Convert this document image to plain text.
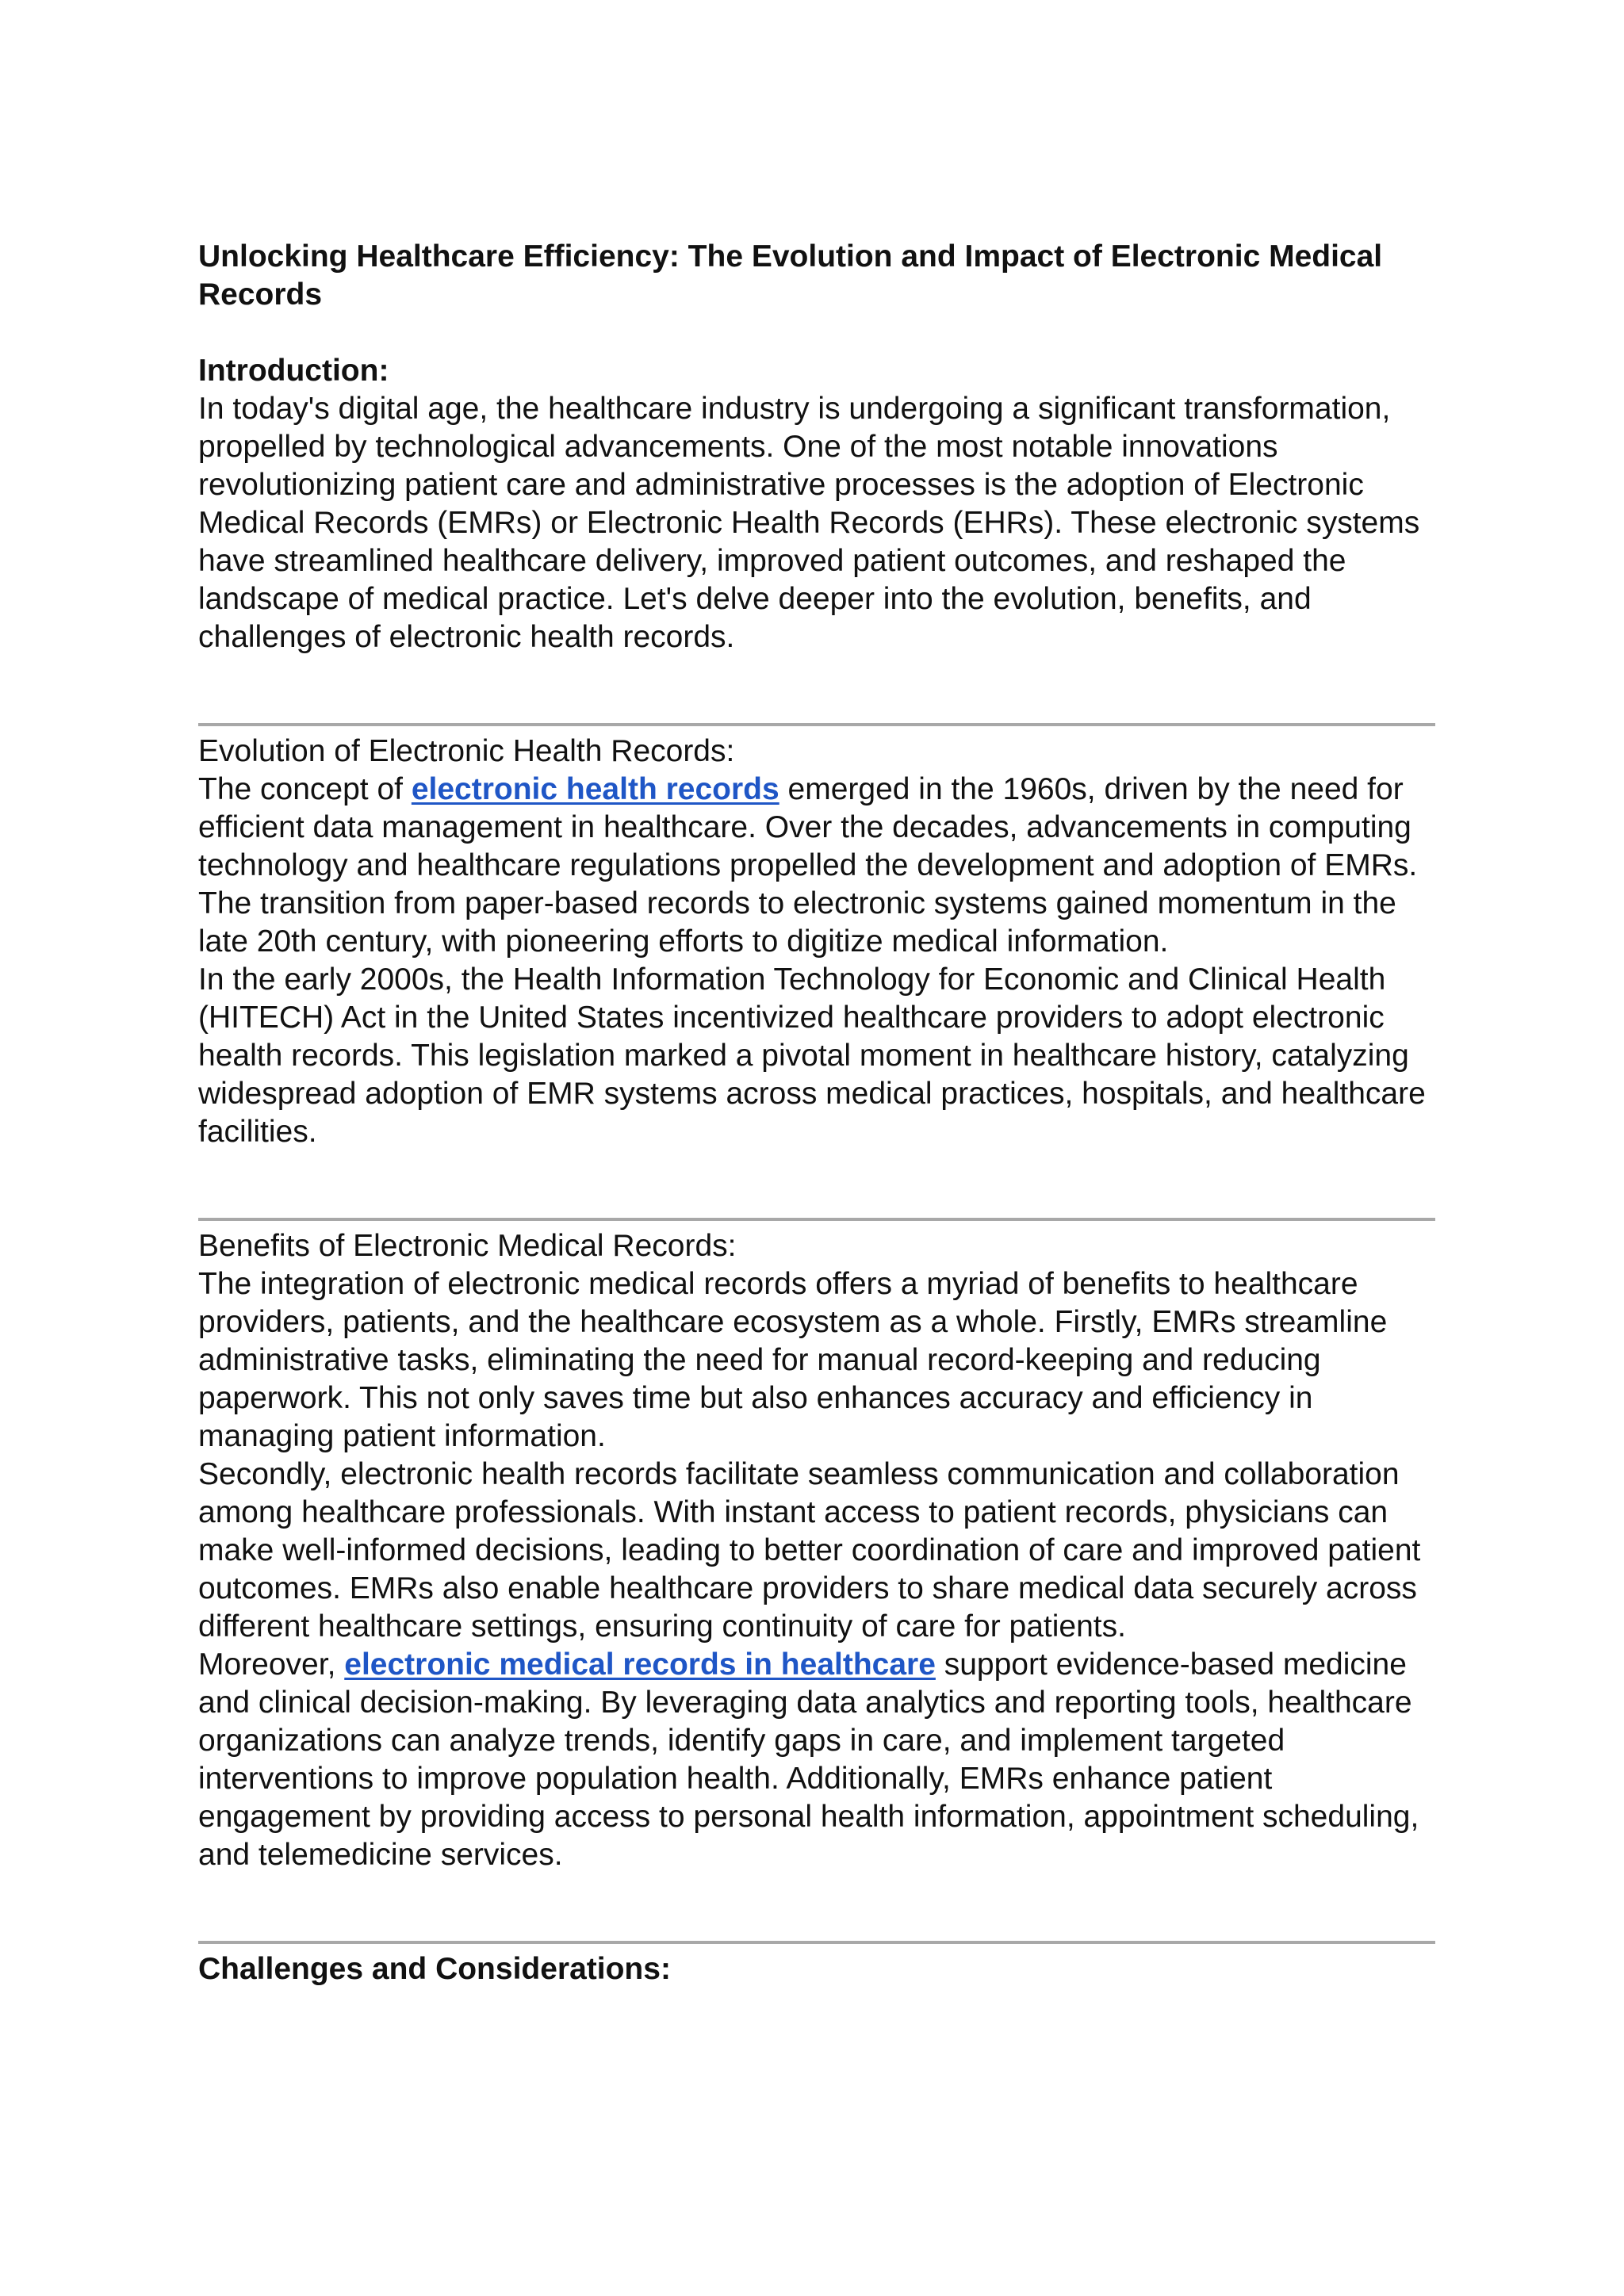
Unlocking Healthcare Efficiency: The Evolution and Impact of Electronic Medical Records

Introduction:

In today's digital age, the healthcare industry is undergoing a significant transformation, propelled by technological advancements. One of the most notable innovations revolutionizing patient care and administrative processes is the adoption of Electronic Medical Records (EMRs) or Electronic Health Records (EHRs). These electronic systems have streamlined healthcare delivery, improved patient outcomes, and reshaped the landscape of medical practice. Let's delve deeper into the evolution, benefits, and challenges of electronic health records.

Evolution of Electronic Health Records:

The concept of electronic health records emerged in the 1960s, driven by the need for efficient data management in healthcare. Over the decades, advancements in computing technology and healthcare regulations propelled the development and adoption of EMRs. The transition from paper-based records to electronic systems gained momentum in the late 20th century, with pioneering efforts to digitize medical information.

In the early 2000s, the Health Information Technology for Economic and Clinical Health (HITECH) Act in the United States incentivized healthcare providers to adopt electronic health records. This legislation marked a pivotal moment in healthcare history, catalyzing widespread adoption of EMR systems across medical practices, hospitals, and healthcare facilities.

Benefits of Electronic Medical Records:

The integration of electronic medical records offers a myriad of benefits to healthcare providers, patients, and the healthcare ecosystem as a whole. Firstly, EMRs streamline administrative tasks, eliminating the need for manual record-keeping and reducing paperwork. This not only saves time but also enhances accuracy and efficiency in managing patient information.

Secondly, electronic health records facilitate seamless communication and collaboration among healthcare professionals. With instant access to patient records, physicians can make well-informed decisions, leading to better coordination of care and improved patient outcomes. EMRs also enable healthcare providers to share medical data securely across different healthcare settings, ensuring continuity of care for patients.

Moreover, electronic medical records in healthcare support evidence-based medicine and clinical decision-making. By leveraging data analytics and reporting tools, healthcare organizations can analyze trends, identify gaps in care, and implement targeted interventions to improve population health. Additionally, EMRs enhance patient engagement by providing access to personal health information, appointment scheduling, and telemedicine services.

Challenges and Considerations:
